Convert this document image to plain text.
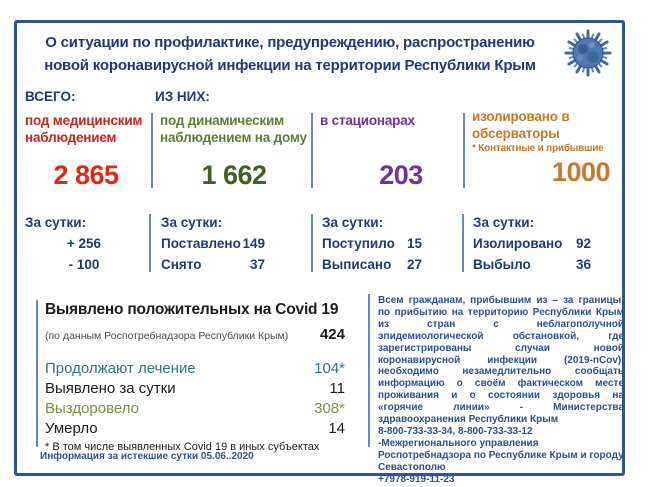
О ситуации по профилактике, предупреждению, распространению
новой коронавирусной инфекции на территории Республики Крым
ВСЕГО:	ИЗ НИХ:
под медицинским наблюдением
2 865
под динамическим наблюдением на дому
1 662
в стационарах
203
изолировано в обсерваторы
* Контактные и прибывшие
1000
За сутки:
+ 256
- 100
За сутки:
Поставлено 149
Снято	37
За сутки:
Поступило 15
Выписано 27
За сутки:
Изолировано 92
Выбыло	36
Выявлено положительных на Covid 19
(по данным Роспотребнадзора Республики Крым) 424
Продолжают лечение	104*
Выявлено за сутки	11
Выздоровело	308*
Умерло	14
* В том числе выявленных Covid 19 в иных субъектах
Информация за истекшие сутки 05.06..2020
Всем гражданам, прибывшим из – за границы, по прибытию на территорию Республики Крым из стран с неблагополучной эпидемиологической обстановкой, где зарегистрированы случаи новой коронавирусной инфекции (2019-nCov), необходимо незамедлительно сообщать информацию о своём фактическом месте проживания и о состоянии здоровья на «горячие линии» - Министерства здравоохранения Республики Крым
8-800-733-33-34, 8-800-733-33-12
-Межрегионального управления Роспотребнадзора по Республике Крым и городу Севастополю
+7978-919-11-23
